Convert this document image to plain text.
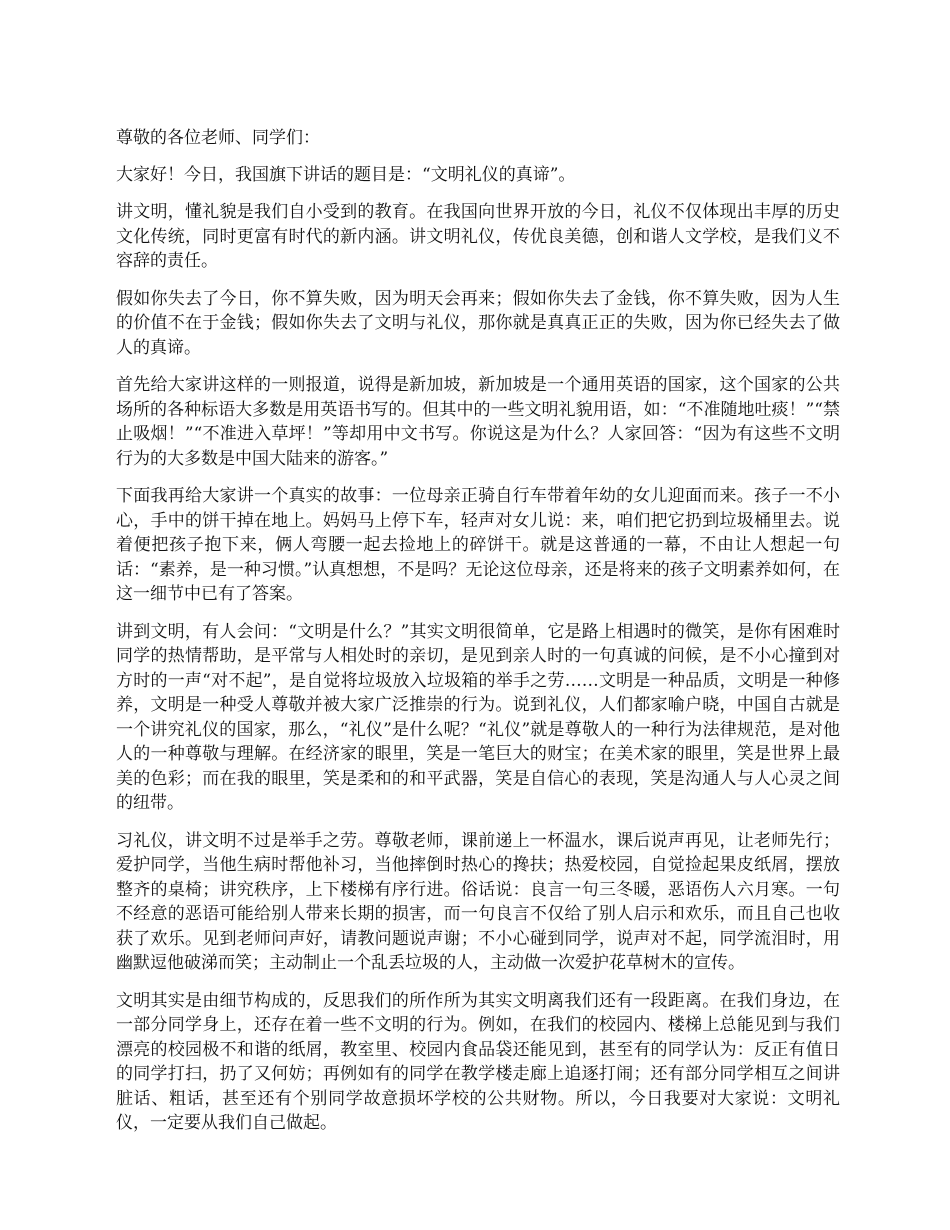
尊敬的各位老师、同学们：

大家好！今日，我国旗下讲话的题目是：“文明礼仪的真谛”。

讲文明，懂礼貌是我们自小受到的教育。在我国向世界开放的今日，礼仪不仅体现出丰厚的历史文化传统，同时更富有时代的新内涵。讲文明礼仪，传优良美德，创和谐人文学校，是我们义不容辞的责任。

假如你失去了今日，你不算失败，因为明天会再来；假如你失去了金钱，你不算失败，因为人生的价值不在于金钱；假如你失去了文明与礼仪，那你就是真真正正的失败，因为你已经失去了做人的真谛。

首先给大家讲这样的一则报道，说得是新加坡，新加坡是一个通用英语的国家，这个国家的公共场所的各种标语大多数是用英语书写的。但其中的一些文明礼貌用语，如：“不准随地吐痰！”“禁止吸烟！”“不准进入草坪！”等却用中文书写。你说这是为什么？人家回答：“因为有这些不文明行为的大多数是中国大陆来的游客。”

下面我再给大家讲一个真实的故事：一位母亲正骑自行车带着年幼的女儿迎面而来。孩子一不小心，手中的饼干掉在地上。妈妈马上停下车，轻声对女儿说：来，咱们把它扔到垃圾桶里去。说着便把孩子抱下来，俩人弯腰一起去捡地上的碎饼干。就是这普通的一幕，不由让人想起一句话：“素养，是一种习惯。”认真想想，不是吗？无论这位母亲，还是将来的孩子文明素养如何，在这一细节中已有了答案。

讲到文明，有人会问：“文明是什么？”其实文明很简单，它是路上相遇时的微笑，是你有困难时同学的热情帮助，是平常与人相处时的亲切，是见到亲人时的一句真诚的问候，是不小心撞到对方时的一声“对不起”，是自觉将垃圾放入垃圾箱的举手之劳……文明是一种品质，文明是一种修养，文明是一种受人尊敬并被大家广泛推崇的行为。说到礼仪，人们都家喻户晓，中国自古就是一个讲究礼仪的国家，那么，“礼仪”是什么呢？“礼仪”就是尊敬人的一种行为法律规范，是对他人的一种尊敬与理解。在经济家的眼里，笑是一笔巨大的财宝；在美术家的眼里，笑是世界上最美的色彩；而在我的眼里，笑是柔和的和平武器，笑是自信心的表现，笑是沟通人与人心灵之间的纽带。

习礼仪，讲文明不过是举手之劳。尊敬老师，课前递上一杯温水，课后说声再见，让老师先行；爱护同学，当他生病时帮他补习，当他摔倒时热心的搀扶；热爱校园，自觉捡起果皮纸屑，摆放整齐的桌椅；讲究秩序，上下楼梯有序行进。俗话说：良言一句三冬暖，恶语伤人六月寒。一句不经意的恶语可能给别人带来长期的损害，而一句良言不仅给了别人启示和欢乐，而且自己也收获了欢乐。见到老师问声好，请教问题说声谢；不小心碰到同学，说声对不起，同学流泪时，用幽默逗他破涕而笑；主动制止一个乱丢垃圾的人，主动做一次爱护花草树木的宣传。

文明其实是由细节构成的，反思我们的所作所为其实文明离我们还有一段距离。在我们身边，在一部分同学身上，还存在着一些不文明的行为。例如，在我们的校园内、楼梯上总能见到与我们漂亮的校园极不和谐的纸屑，教室里、校园内食品袋还能见到，甚至有的同学认为：反正有值日的同学打扫，扔了又何妨；再例如有的同学在教学楼走廊上追逐打闹；还有部分同学相互之间讲脏话、粗话，甚至还有个别同学故意损坏学校的公共财物。所以，今日我要对大家说：文明礼仪，一定要从我们自己做起。
